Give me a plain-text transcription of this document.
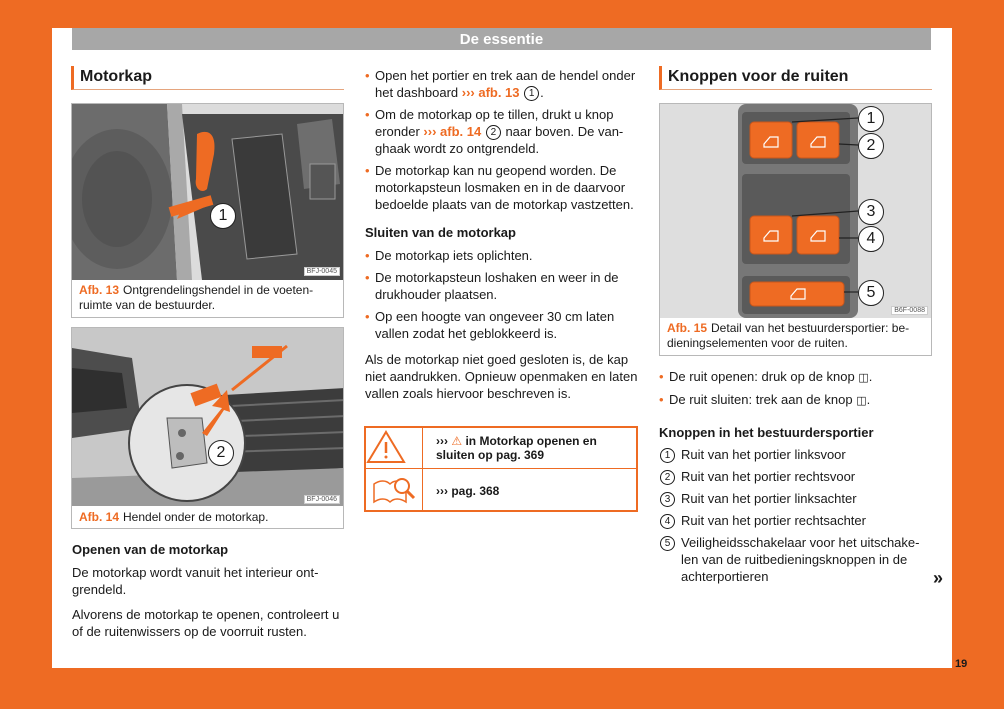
De essentie
Motorkap
1
BFJ-0045
Afb. 13 Ontgrendelingshendel in de voetenruimte van de bestuurder.
2
BFJ-0046
Afb. 14 Hendel onder de motorkap.

Openen van de motorkap

De motorkap wordt vanuit het interieur ontgrendeld.

Alvorens de motorkap te openen, controleert u of de ruitenwissers op de voorruit rusten.

• Open het portier en trek aan de hendel onder het dashboard ››› afb. 13 1 .

• Om de motorkap op te tillen, drukt u knop eronder ››› afb. 14 2 naar boven. De vanghaak wordt zo ontgrendeld.

• De motorkap kan nu geopend worden. De motorkapsteun losmaken en in de daarvoor bedoelde plaats van de motorkap vastzetten.

Sluiten van de motorkap

• De motorkap iets oplichten.

• De motorkapsteun loshaken en weer in de drukhouder plaatsen.

• Op een hoogte van ongeveer 30 cm laten vallen zodat het geblokkeerd is.

Als de motorkap niet goed gesloten is, de kap niet aandrukken. Opnieuw openmaken en laten vallen zoals hiervoor beschreven is.

››› ⚠ in Motorkap openen en sluiten op pag. 369
››› pag. 368
Knoppen voor de ruiten
1
2
3
4
5
B6F-0088
Afb. 15 Detail van het bestuurdersportier: bedieningselementen voor de ruiten.

• De ruit openen: druk op de knop ◫.

• De ruit sluiten: trek aan de knop ◫.

Knoppen in het bestuurdersportier

1 Ruit van het portier linksvoor
2 Ruit van het portier rechtsvoor
3 Ruit van het portier linksachter
4 Ruit van het portier rechtsachter
5 Veiligheidsschakelaar voor het uitschakelen van de ruitbedieningsknoppen in de achterportieren	»
19
